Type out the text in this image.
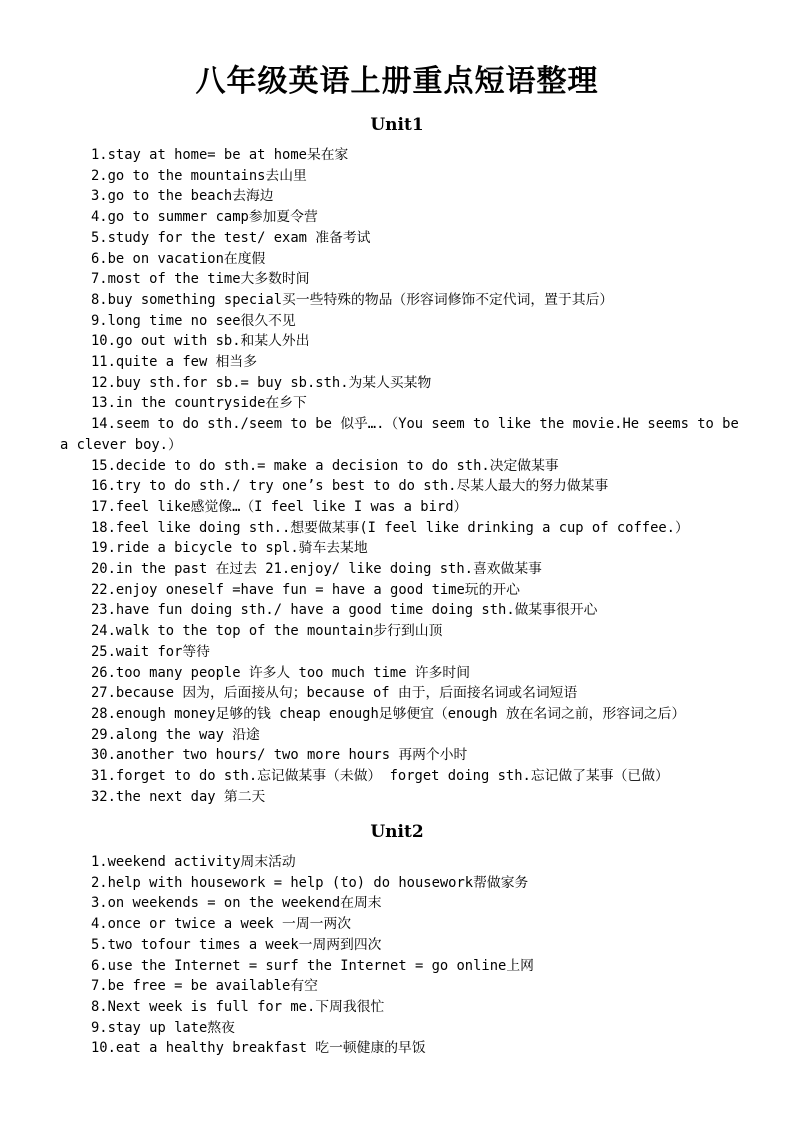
八年级英语上册重点短语整理
Unit1
1.stay at home= be at home呆在家
2.go to the mountains去山里
3.go to the beach去海边
4.go to summer camp参加夏令营
5.study for the test/ exam 准备考试
6.be on vacation在度假
7.most of the time大多数时间
8.buy something special买一些特殊的物品（形容词修饰不定代词，置于其后）
9.long time no see很久不见
10.go out with sb.和某人外出
11.quite a few 相当多
12.buy sth.for sb.= buy sb.sth.为某人买某物
13.in the countryside在乡下
14.seem to do sth./seem to be 似乎….（You seem to like the movie.He seems to be a clever boy.）
15.decide to do sth.= make a decision to do sth.决定做某事
16.try to do sth./ try one’s best to do sth.尽某人最大的努力做某事
17.feel like感觉像…（I feel like I was a bird）
18.feel like doing sth..想要做某事(I feel like drinking a cup of coffee.）
19.ride a bicycle to spl.骑车去某地
20.in the past 在过去 21.enjoy/ like doing sth.喜欢做某事
22.enjoy oneself =have fun = have a good time玩的开心
23.have fun doing sth./ have a good time doing sth.做某事很开心
24.walk to the top of the mountain步行到山顶
25.wait for等待
26.too many people 许多人 too much time 许多时间
27.because 因为，后面接从句；because of 由于，后面接名词或名词短语
28.enough money足够的钱 cheap enough足够便宜（enough 放在名词之前，形容词之后）
29.along the way 沿途
30.another two hours/ two more hours 再两个小时
31.forget to do sth.忘记做某事（未做） forget doing sth.忘记做了某事（已做）
32.the next day 第二天
Unit2
1.weekend activity周末活动
2.help with housework = help (to) do housework帮做家务
3.on weekends = on the weekend在周末
4.once or twice a week 一周一两次
5.two tofour times a week一周两到四次
6.use the Internet = surf the Internet = go online上网
7.be free = be available有空
8.Next week is full for me.下周我很忙
9.stay up late熬夜
10.eat a healthy breakfast 吃一顿健康的早饭
